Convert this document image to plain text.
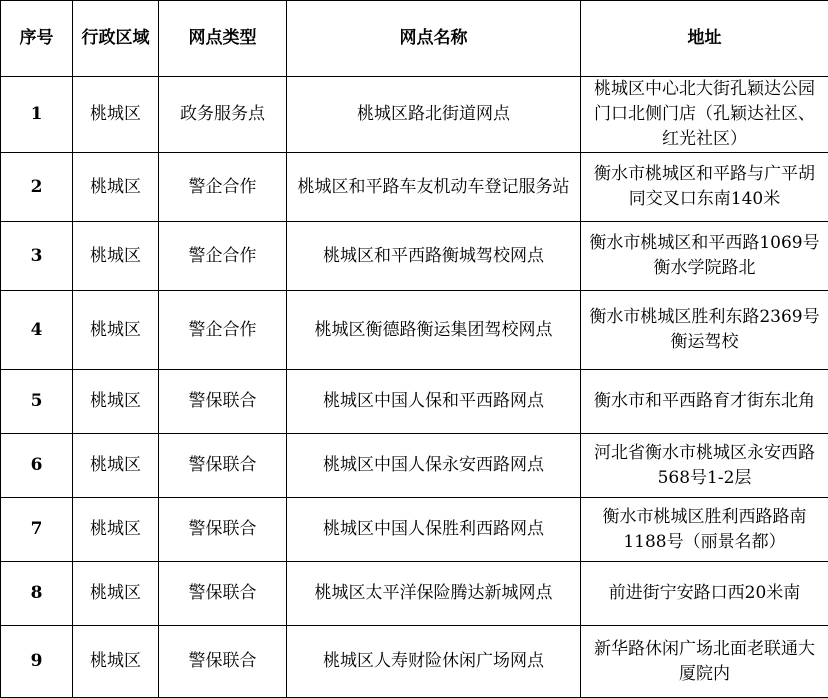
序号	行政区域	网点类型	网点名称	地址
1	桃城区	政务服务点	桃城区路北街道网点	桃城区中心北大街孔颖达公园门口北侧门店（孔颖达社区、红光社区）
2	桃城区	警企合作	桃城区和平路车友机动车登记服务站	衡水市桃城区和平路与广平胡同交叉口东南140米
3	桃城区	警企合作	桃城区和平西路衡城驾校网点	衡水市桃城区和平西路1069号衡水学院路北
4	桃城区	警企合作	桃城区衡德路衡运集团驾校网点	衡水市桃城区胜利东路2369号衡运驾校
5	桃城区	警保联合	桃城区中国人保和平西路网点	衡水市和平西路育才街东北角
6	桃城区	警保联合	桃城区中国人保永安西路网点	河北省衡水市桃城区永安西路568号1-2层
7	桃城区	警保联合	桃城区中国人保胜利西路网点	衡水市桃城区胜利西路路南1188号（丽景名都）
8	桃城区	警保联合	桃城区太平洋保险腾达新城网点	前进街宁安路口西20米南
9	桃城区	警保联合	桃城区人寿财险休闲广场网点	新华路休闲广场北面老联通大厦院内
